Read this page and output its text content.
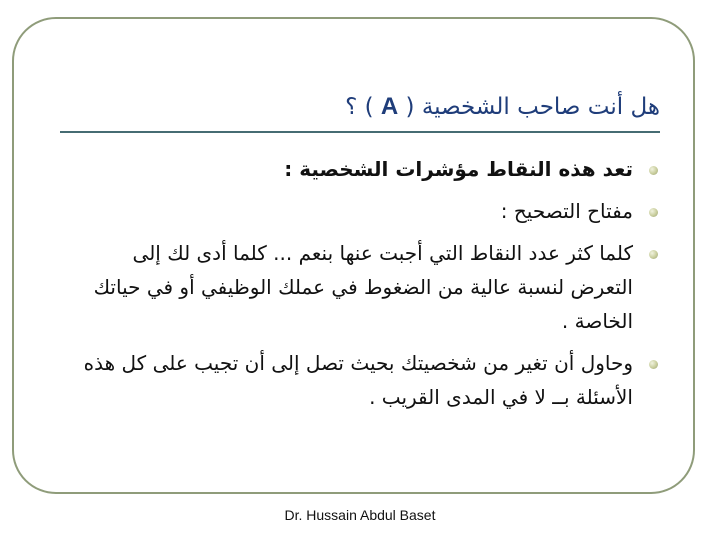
هل أنت صاحب الشخصية ( A ) ؟
تعد هذه النقاط مؤشرات الشخصية :
مفتاح التصحيح :
كلما كثر عدد النقاط التي أجبت عنها بنعم ... كلما أدى لك إلى التعرض لنسبة عالية من الضغوط في عملك الوظيفي أو في حياتك الخاصة .
وحاول أن تغير من شخصيتك بحيث تصل إلى أن تجيب على كل هذه الأسئلة بــ لا في المدى القريب .
Dr. Hussain Abdul Baset
